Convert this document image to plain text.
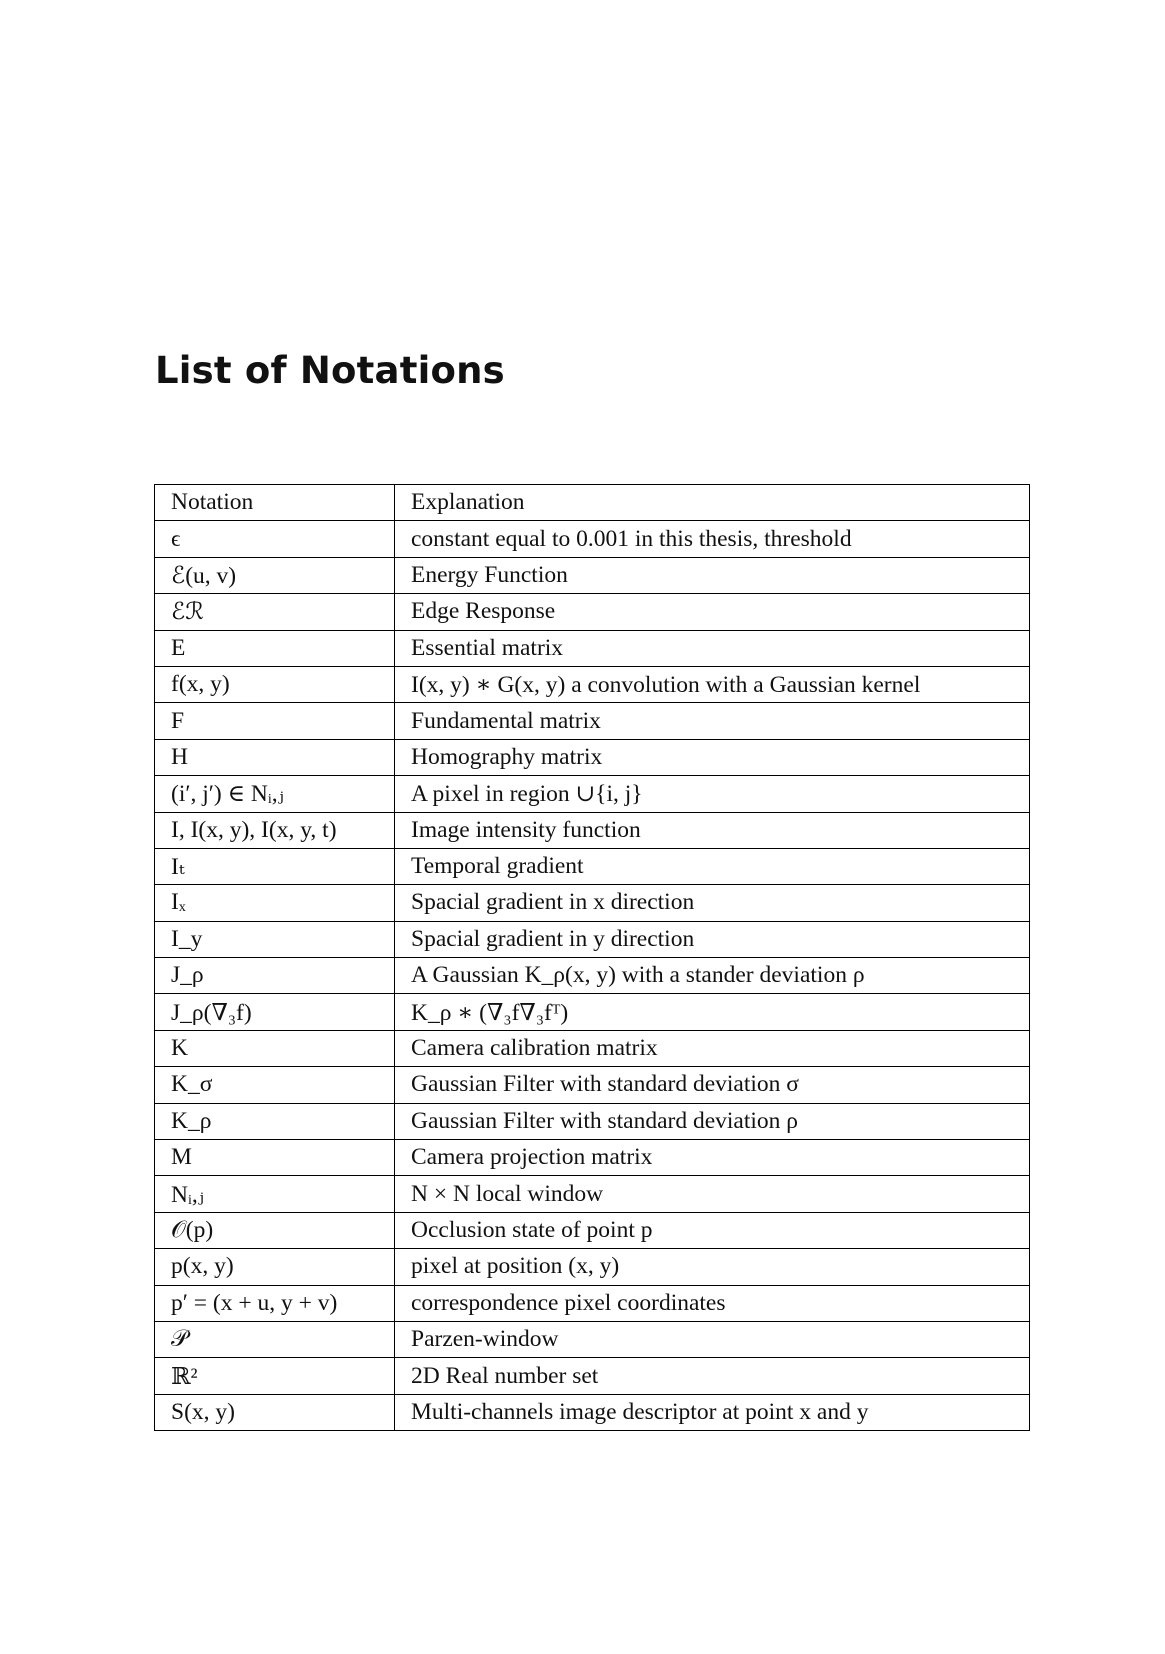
List of Notations
Notation	Explanation
ϵ	constant equal to 0.001 in this thesis, threshold
ℰ(u, v)	Energy Function
ℰℛ	Edge Response
E	Essential matrix
f(x, y)	I(x, y) ∗ G(x, y) a convolution with a Gaussian kernel
F	Fundamental matrix
H	Homography matrix
(i′, j′) ∈ Nᵢ,ⱼ	A pixel in region ∪{i, j}
I, I(x, y), I(x, y, t)	Image intensity function
Iₜ	Temporal gradient
Iₓ	Spacial gradient in x direction
I_y	Spacial gradient in y direction
J_ρ	A Gaussian K_ρ(x, y) with a stander deviation ρ
J_ρ(∇₃f)	K_ρ ∗ (∇₃f∇₃fᵀ)
K	Camera calibration matrix
K_σ	Gaussian Filter with standard deviation σ
K_ρ	Gaussian Filter with standard deviation ρ
M	Camera projection matrix
Nᵢ,ⱼ	N × N local window
𝒪(p)	Occlusion state of point p
p(x, y)	pixel at position (x, y)
p′ = (x + u, y + v)	correspondence pixel coordinates
𝒫	Parzen-window
ℝ²	2D Real number set
S(x, y)	Multi-channels image descriptor at point x and y
